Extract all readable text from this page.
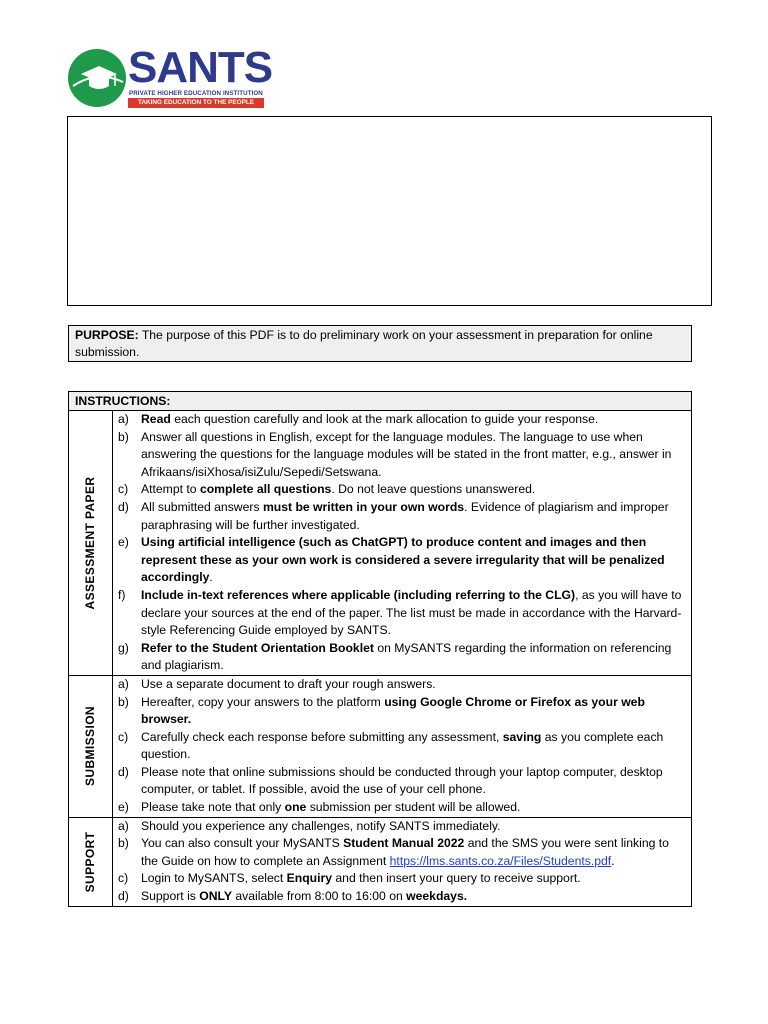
SANTS
PRIVATE HIGHER EDUCATION INSTITUTION
TAKING EDUCATION TO THE PEOPLE
PURPOSE: The purpose of this PDF is to do preliminary work on your assessment in preparation for online submission.
INSTRUCTIONS:
ASSESSMENT PAPER
a) Read each question carefully and look at the mark allocation to guide your response.
b) Answer all questions in English, except for the language modules. The language to use when answering the questions for the language modules will be stated in the front matter, e.g., answer in Afrikaans/isiXhosa/isiZulu/Sepedi/Setswana.
c)	Attempt to complete all questions. Do not leave questions unanswered.
d) All submitted answers must be written in your own words. Evidence of plagiarism and improper paraphrasing will be further investigated.
e) Using artificial intelligence (such as ChatGPT) to produce content and images and then represent these as your own work is considered a severe irregularity that will be penalized accordingly.
f)	Include in-text references where applicable (including referring to the CLG), as you will have to declare your sources at the end of the paper. The list must be made in accordance with the Harvard-style Referencing Guide employed by SANTS.
g) Refer to the Student Orientation Booklet on MySANTS regarding the information on referencing and plagiarism.
SUBMISSION
a) Use a separate document to draft your rough answers.
b) Hereafter, copy your answers to the platform using Google Chrome or Firefox as your web browser.
c)	Carefully check each response before submitting any assessment, saving as you complete each question.
d) Please note that online submissions should be conducted through your laptop computer, desktop computer, or tablet. If possible, avoid the use of your cell phone.
e) Please take note that only one submission per student will be allowed.
SUPPORT
a) Should you experience any challenges, notify SANTS immediately.
b) You can also consult your MySANTS Student Manual 2022 and the SMS you were sent linking to the Guide on how to complete an Assignment https://lms.sants.co.za/Files/Students.pdf.
c)	Login to MySANTS, select Enquiry and then insert your query to receive support.
d) Support is ONLY available from 8:00 to 16:00 on weekdays.
